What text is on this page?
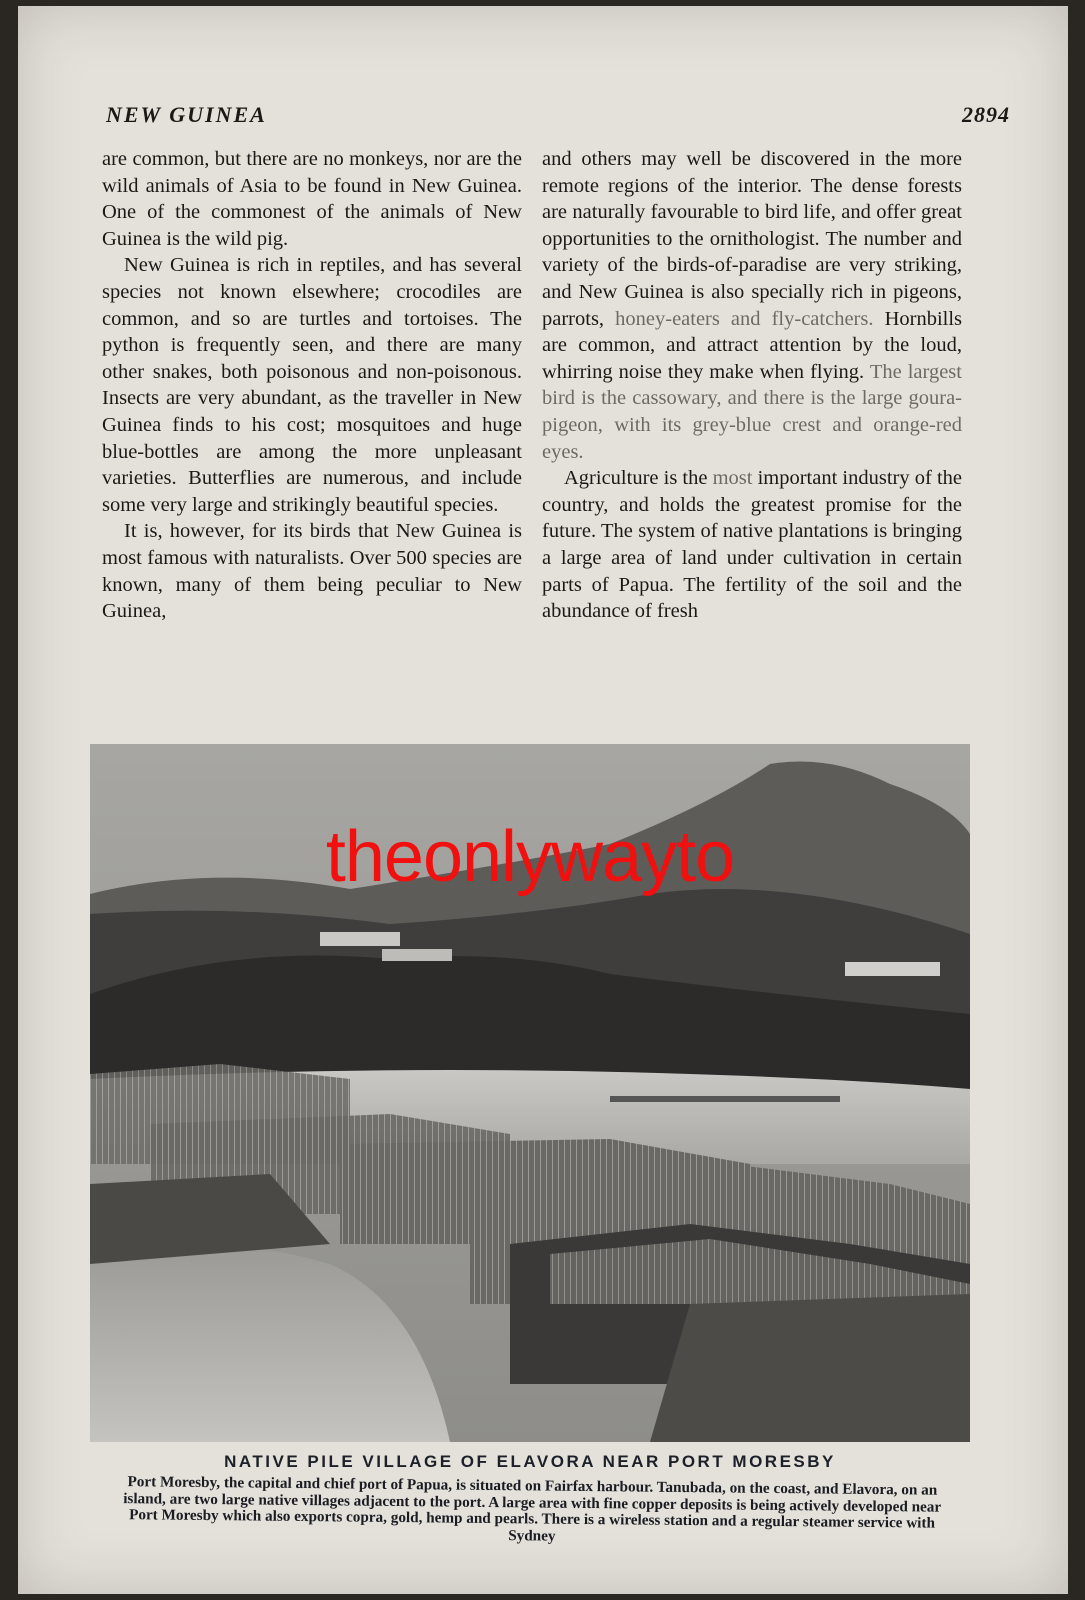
NEW GUINEA	2894

are common, but there are no monkeys, nor are the wild animals of Asia to be found in New Guinea. One of the commonest of the animals of New Guinea is the wild pig.

New Guinea is rich in reptiles, and has several species not known elsewhere; crocodiles are common, and so are turtles and tortoises. The python is frequently seen, and there are many other snakes, both poisonous and non-poisonous. Insects are very abundant, as the traveller in New Guinea finds to his cost; mosquitoes and huge blue-bottles are among the more unpleasant varieties. Butterflies are numerous, and include some very large and strikingly beautiful species.

It is, however, for its birds that New Guinea is most famous with naturalists. Over 500 species are known, many of them being peculiar to New Guinea,

and others may well be discovered in the more remote regions of the interior. The dense forests are naturally favourable to bird life, and offer great opportunities to the ornithologist. The number and variety of the birds-of-paradise are very striking, and New Guinea is also specially rich in pigeons, parrots, honey-eaters and fly-catchers. Hornbills are common, and attract attention by the loud, whirring noise they make when flying. The largest bird is the cassowary, and there is the large goura-pigeon, with its grey-blue crest and orange-red eyes.

Agriculture is the most important industry of the country, and holds the greatest promise for the future. The system of native plantations is bringing a large area of land under cultivation in certain parts of Papua. The fertility of the soil and the abundance of fresh

theonlywayto
NATIVE PILE VILLAGE OF ELAVORA NEAR PORT MORESBY
Port Moresby, the capital and chief port of Papua, is situated on Fairfax harbour. Tanubada, on the coast, and Elavora, on an island, are two large native villages adjacent to the port. A large area with fine copper deposits is being actively developed near Port Moresby which also exports copra, gold, hemp and pearls. There is a wireless station and a regular steamer service with Sydney
